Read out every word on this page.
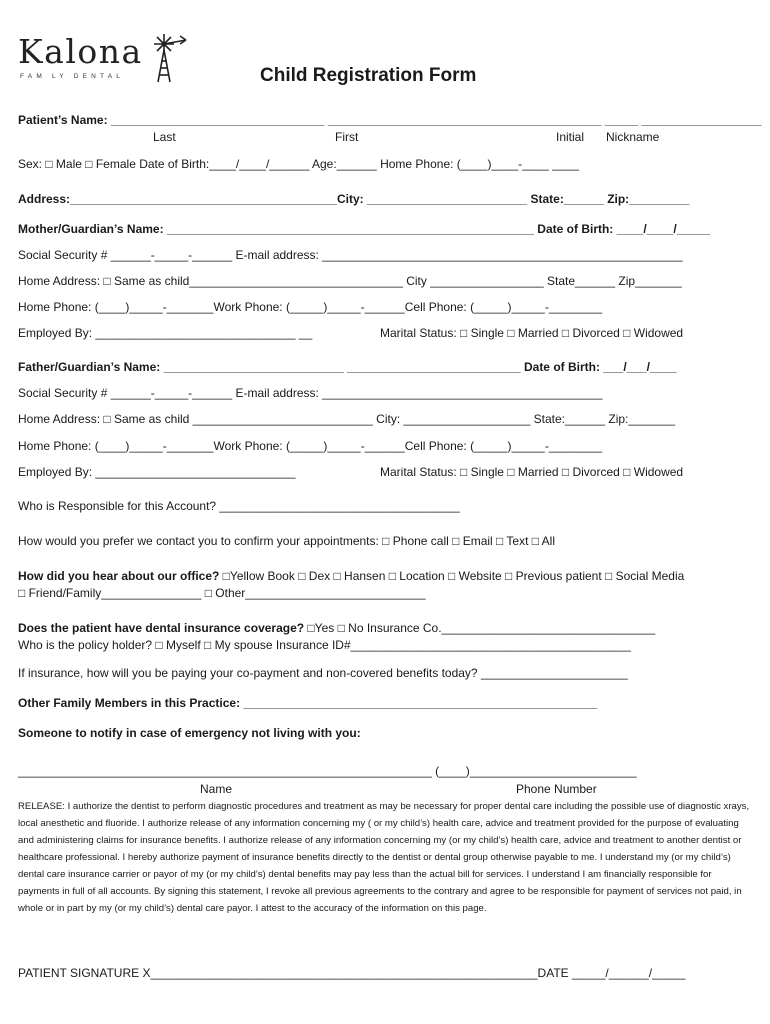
Kalona
FAM LY DENTAL	Child Registration Form
Patient’s Name: ________________________________ _________________________________________ _____ __________________
Last	First	Initial Nickname
Sex: □ Male □ Female Date of Birth:____/____/______ Age:______ Home Phone: (____)____-____ ____
Address:________________________________________City: ________________________ State:______ Zip:_________
Mother/Guardian’s Name: _______________________________________________________ Date of Birth: ____/____/_____
Social Security # ______-_____-______ E-mail address: ______________________________________________________
Home Address: □ Same as child________________________________ City _________________ State______ Zip_______
Home Phone: (____)_____-_______Work Phone: (_____)_____-______Cell Phone: (_____)_____-________
Employed By: ______________________________ __	Marital Status: □ Single □ Married □ Divorced □ Widowed
Father/Guardian’s Name: ___________________________ __________________________ Date of Birth: ___/___/____
Social Security # ______-_____-______ E-mail address: __________________________________________
Home Address: □ Same as child ___________________________ City: ___________________ State:______ Zip:_______
Home Phone: (____)_____-_______Work Phone: (_____)_____-______Cell Phone: (_____)_____-________
Employed By: ______________________________	Marital Status: □ Single □ Married □ Divorced □ Widowed
Who is Responsible for this Account? ____________________________________
How would you prefer we contact you to confirm your appointments: □ Phone call □ Email □ Text □ All
How did you hear about our office? □Yellow Book □ Dex □ Hansen □ Location □ Website □ Previous patient □ Social Media
□ Friend/Family_______________ □ Other___________________________
Does the patient have dental insurance coverage? □Yes □ No Insurance Co.________________________________
Who is the policy holder? □ Myself □ My spouse Insurance ID#__________________________________________
If insurance, how will you be paying your co-payment and non-covered benefits today? ______________________
Other Family Members in this Practice: _____________________________________________________
Someone to notify in case of emergency not living with you:
______________________________________________________________ (____)_________________________
Name	Phone Number
RELEASE: I authorize the dentist to perform diagnostic procedures and treatment as may be necessary for proper dental care including the possible use of diagnostic xrays, local anesthetic and fluoride. I authorize release of any information concerning my ( or my child’s) health care, advice and treatment provided for the purpose of evaluating and administering claims for insurance benefits. I authorize release of any information concerning my (or my child’s) health care, advice and treatment to another dentist or healthcare professional. I hereby authorize payment of insurance benefits directly to the dentist or dental group otherwise payable to me. I understand my (or my child’s) dental care insurance carrier or payor of my (or my child’s) dental benefits may pay less than the actual bill for services. I understand I am financially responsible for payments in full of all accounts. By signing this statement, I revoke all previous agreements to the contrary and agree to be responsible for payment of services not paid, in whole or in part by my (or my child’s) dental care payor. I attest to the accuracy of the information on this page.
PATIENT SIGNATURE X__________________________________________________________DATE _____/______/_____
